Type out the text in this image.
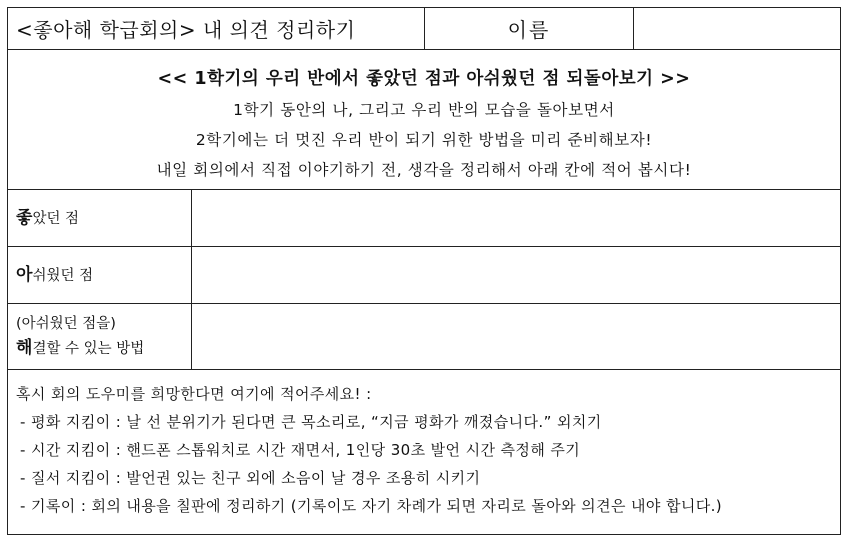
<좋아해 학급회의> 내 의견 정리하기	이름
<< 1학기의 우리 반에서 좋았던 점과 아쉬웠던 점 되돌아보기 >>
1학기 동안의 나, 그리고 우리 반의 모습을 돌아보면서
2학기에는 더 멋진 우리 반이 되기 위한 방법을 미리 준비해보자!
내일 회의에서 직접 이야기하기 전, 생각을 정리해서 아래 칸에 적어 봅시다!
좋았던 점
아쉬웠던 점
(아쉬웠던 점을)
해결할 수 있는 방법
혹시 회의 도우미를 희망한다면 여기에 적어주세요! :
- 평화 지킴이 : 날 선 분위기가 된다면 큰 목소리로, “지금 평화가 깨졌습니다.” 외치기
- 시간 지킴이 : 핸드폰 스톱워치로 시간 재면서, 1인당 30초 발언 시간 측정해 주기
- 질서 지킴이 : 발언권 있는 친구 외에 소음이 날 경우 조용히 시키기
- 기록이 : 회의 내용을 칠판에 정리하기 (기록이도 자기 차례가 되면 자리로 돌아와 의견은 내야 합니다.)
